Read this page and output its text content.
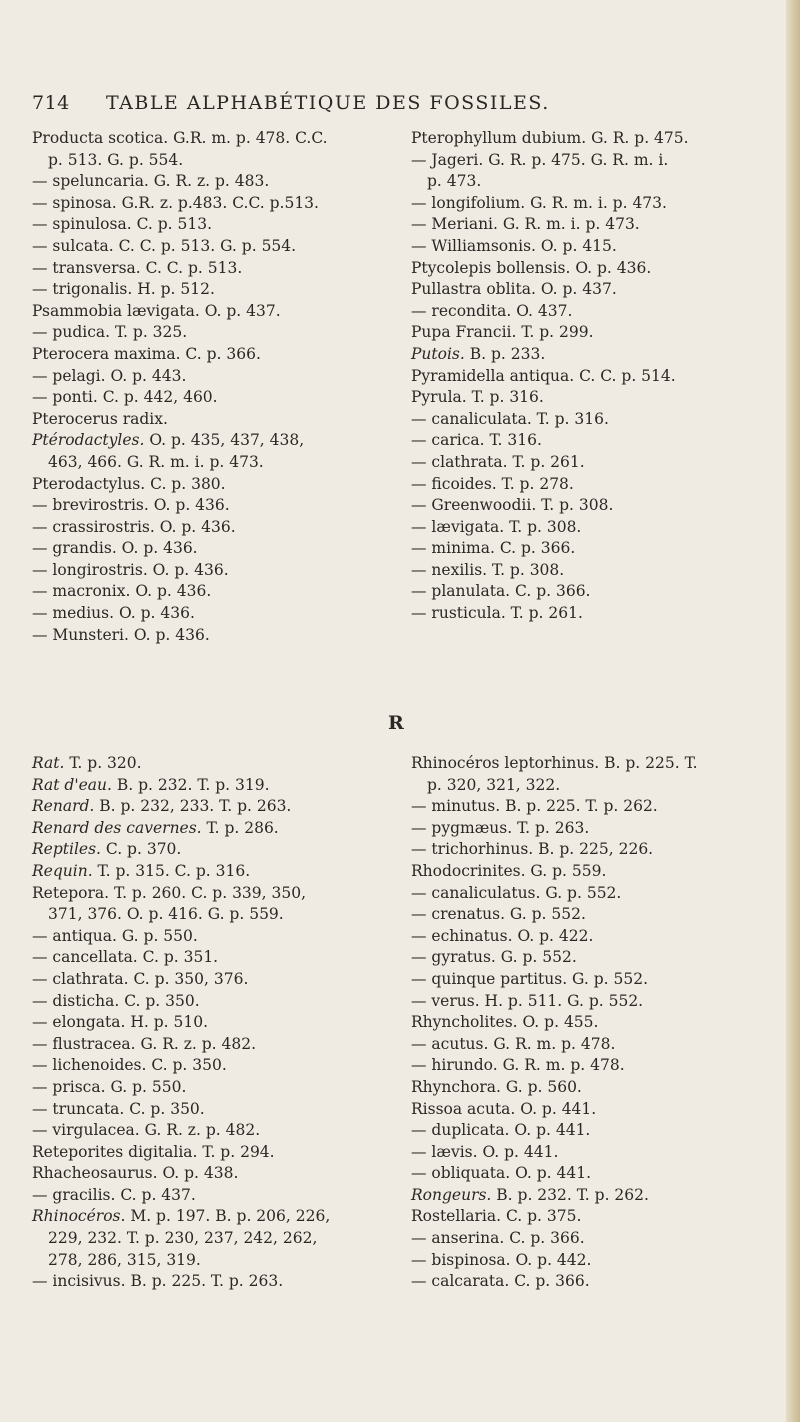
714 TABLE ALPHABÉTIQUE DES FOSSILES.
Producta scotica. G.R. m. p. 478. C.C.
p. 513. G. p. 554.
— speluncaria. G. R. z. p. 483.
— spinosa. G.R. z. p.483. C.C. p.513.
— spinulosa. C. p. 513.
— sulcata. C. C. p. 513. G. p. 554.
— transversa. C. C. p. 513.
— trigonalis. H. p. 512.
Psammobia lævigata. O. p. 437.
— pudica. T. p. 325.
Pterocera maxima. C. p. 366.
— pelagi. O. p. 443.
— ponti. C. p. 442, 460.
Pterocerus radix.
Ptérodactyles. O. p. 435, 437, 438,
463, 466. G. R. m. i. p. 473.
Pterodactylus. C. p. 380.
— brevirostris. O. p. 436.
— crassirostris. O. p. 436.
— grandis. O. p. 436.
— longirostris. O. p. 436.
— macronix. O. p. 436.
— medius. O. p. 436.
— Munsteri. O. p. 436.
Pterophyllum dubium. G. R. p. 475.
— Jageri. G. R. p. 475. G. R. m. i.
p. 473.
— longifolium. G. R. m. i. p. 473.
— Meriani. G. R. m. i. p. 473.
— Williamsonis. O. p. 415.
Ptycolepis bollensis. O. p. 436.
Pullastra oblita. O. p. 437.
— recondita. O. 437.
Pupa Francii. T. p. 299.
Putois. B. p. 233.
Pyramidella antiqua. C. C. p. 514.
Pyrula. T. p. 316.
— canaliculata. T. p. 316.
— carica. T. 316.
— clathrata. T. p. 261.
— ficoides. T. p. 278.
— Greenwoodii. T. p. 308.
— lævigata. T. p. 308.
— minima. C. p. 366.
— nexilis. T. p. 308.
— planulata. C. p. 366.
— rusticula. T. p. 261.
R
Rat. T. p. 320.
Rat d'eau. B. p. 232. T. p. 319.
Renard. B. p. 232, 233. T. p. 263.
Renard des cavernes. T. p. 286.
Reptiles. C. p. 370.
Requin. T. p. 315. C. p. 316.
Retepora. T. p. 260. C. p. 339, 350,
371, 376. O. p. 416. G. p. 559.
— antiqua. G. p. 550.
— cancellata. C. p. 351.
— clathrata. C. p. 350, 376.
— disticha. C. p. 350.
— elongata. H. p. 510.
— flustracea. G. R. z. p. 482.
— lichenoides. C. p. 350.
— prisca. G. p. 550.
— truncata. C. p. 350.
— virgulacea. G. R. z. p. 482.
Reteporites digitalia. T. p. 294.
Rhacheosaurus. O. p. 438.
— gracilis. C. p. 437.
Rhinocéros. M. p. 197. B. p. 206, 226,
229, 232. T. p. 230, 237, 242, 262,
278, 286, 315, 319.
— incisivus. B. p. 225. T. p. 263.
Rhinocéros leptorhinus. B. p. 225. T.
p. 320, 321, 322.
— minutus. B. p. 225. T. p. 262.
— pygmæus. T. p. 263.
— trichorhinus. B. p. 225, 226.
Rhodocrinites. G. p. 559.
— canaliculatus. G. p. 552.
— crenatus. G. p. 552.
— echinatus. O. p. 422.
— gyratus. G. p. 552.
— quinque partitus. G. p. 552.
— verus. H. p. 511. G. p. 552.
Rhyncholites. O. p. 455.
— acutus. G. R. m. p. 478.
— hirundo. G. R. m. p. 478.
Rhynchora. G. p. 560.
Rissoa acuta. O. p. 441.
— duplicata. O. p. 441.
— lævis. O. p. 441.
— obliquata. O. p. 441.
Rongeurs. B. p. 232. T. p. 262.
Rostellaria. C. p. 375.
— anserina. C. p. 366.
— bispinosa. O. p. 442.
— calcarata. C. p. 366.
